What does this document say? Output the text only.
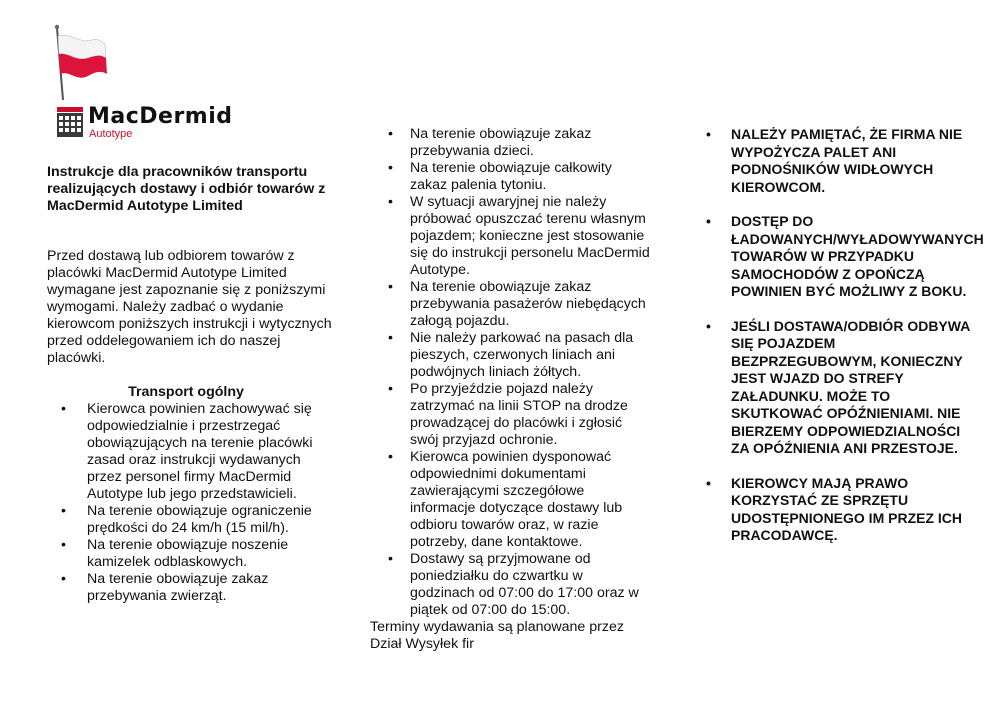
MacDermid
Autotype
Instrukcje dla pracowników transportu realizujących dostawy i odbiór towarów z MacDermid Autotype Limited

Przed dostawą lub odbiorem towarów z placówki MacDermid Autotype Limited wymagane jest zapoznanie się z poniższymi wymogami. Należy zadbać o wydanie kierowcom poniższych instrukcji i wytycznych przed oddelegowaniem ich do naszej placówki.

Transport ogólny
• Kierowca powinien zachowywać się odpowiedzialnie i przestrzegać obowiązujących na terenie placówki zasad oraz instrukcji wydawanych przez personel firmy MacDermid Autotype lub jego przedstawicieli.
• Na terenie obowiązuje ograniczenie prędkości do 24 km/h (15 mil/h).
• Na terenie obowiązuje noszenie kamizelek odblaskowych.
• Na terenie obowiązuje zakaz przebywania zwierząt.
• Na terenie obowiązuje zakaz przebywania dzieci.
• Na terenie obowiązuje całkowity zakaz palenia tytoniu.
• W sytuacji awaryjnej nie należy próbować opuszczać terenu własnym pojazdem; konieczne jest stosowanie się do instrukcji personelu MacDermid Autotype.
• Na terenie obowiązuje zakaz przebywania pasażerów niebędących załogą pojazdu.
• Nie należy parkować na pasach dla pieszych, czerwonych liniach ani podwójnych liniach żółtych.
• Po przyjeździe pojazd należy zatrzymać na linii STOP na drodze prowadzącej do placówki i zgłosić swój przyjazd ochronie.
• Kierowca powinien dysponować odpowiednimi dokumentami zawierającymi szczegółowe informacje dotyczące dostawy lub odbioru towarów oraz, w razie potrzeby, dane kontaktowe.
• Dostawy są przyjmowane od poniedziałku do czwartku w godzinach od 07:00 do 17:00 oraz w piątek od 07:00 do 15:00.

Terminy wydawania są planowane przez Dział Wysyłek fir

• NALEŻY PAMIĘTAĆ, ŻE FIRMA NIE WYPOŻYCZA PALET ANI PODNOŚNIKÓW WIDŁOWYCH KIEROWCOM.
• DOSTĘP DO ŁADOWANYCH/WYŁADOWYWANYCH TOWARÓW W PRZYPADKU SAMOCHODÓW Z OPOŃCZĄ POWINIEN BYĆ MOŻLIWY Z BOKU.
• JEŚLI DOSTAWA/ODBIÓR ODBYWA SIĘ POJAZDEM BEZPRZEGUBOWYM, KONIECZNY JEST WJAZD DO STREFY ZAŁADUNKU. MOŻE TO SKUTKOWAĆ OPÓŹNIENIAMI. NIE BIERZEMY ODPOWIEDZIALNOŚCI ZA OPÓŹNIENIA ANI PRZESTOJE.
• KIEROWCY MAJĄ PRAWO KORZYSTAĆ ZE SPRZĘTU UDOSTĘPNIONEGO IM PRZEZ ICH PRACODAWCĘ.
